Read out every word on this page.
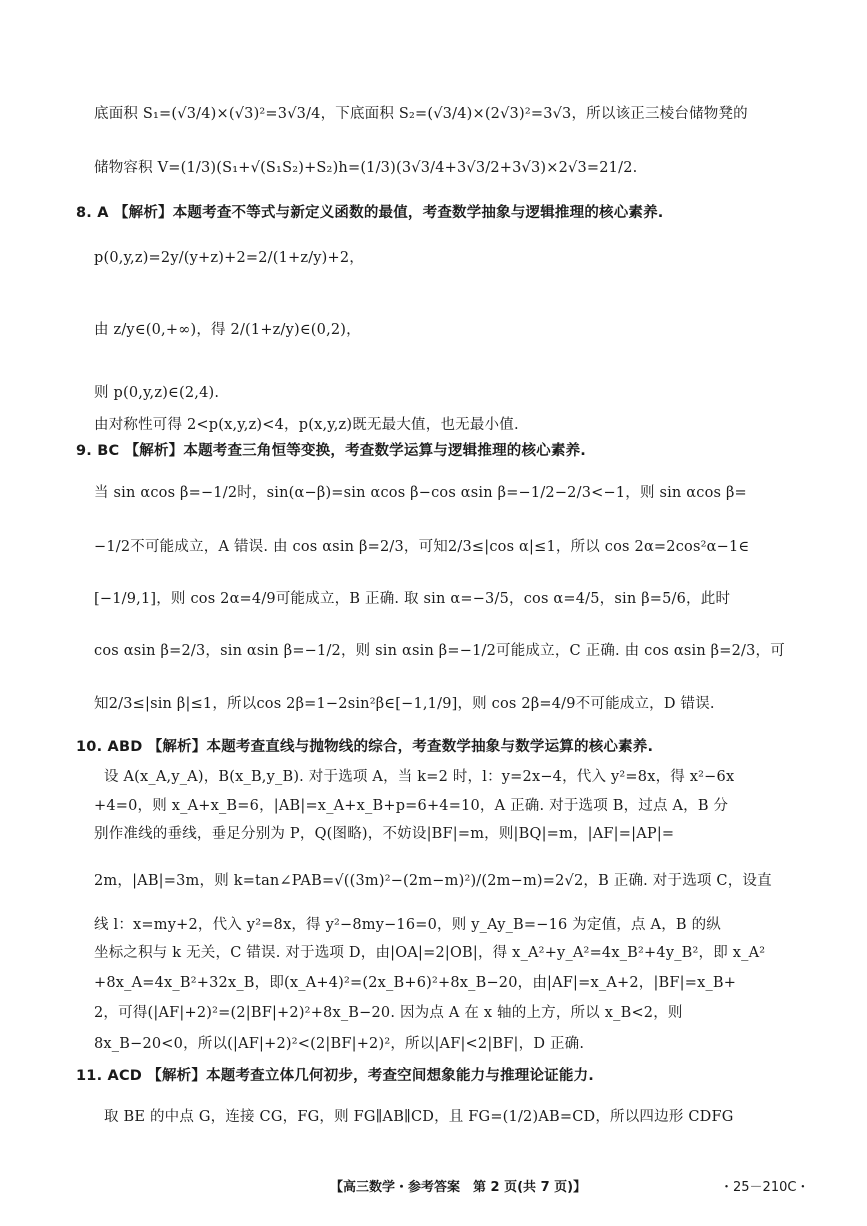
底面积 S₁=(√3/4)×(√3)²=3√3/4，下底面积 S₂=(√3/4)×(2√3)²=3√3，所以该正三棱台储物凳的
储物容积 V=(1/3)(S₁+√(S₁S₂)+S₂)h=(1/3)(3√3/4+3√3/2+3√3)×2√3=21/2.
8. A 【解析】本题考查不等式与新定义函数的最值，考查数学抽象与逻辑推理的核心素养.
p(0,y,z)=2y/(y+z)+2=2/(1+z/y)+2，
由 z/y∈(0,+∞)，得 2/(1+z/y)∈(0,2)，
则 p(0,y,z)∈(2,4).
由对称性可得 2<p(x,y,z)<4，p(x,y,z)既无最大值，也无最小值.
9. BC 【解析】本题考查三角恒等变换，考查数学运算与逻辑推理的核心素养.
当 sin αcos β=−1/2时，sin(α−β)=sin αcos β−cos αsin β=−1/2−2/3<−1，则 sin αcos β=
−1/2不可能成立，A 错误. 由 cos αsin β=2/3，可知2/3≤|cos α|≤1，所以 cos 2α=2cos²α−1∈
[−1/9,1]，则 cos 2α=4/9可能成立，B 正确. 取 sin α=−3/5，cos α=4/5，sin β=5/6，此时
cos αsin β=2/3，sin αsin β=−1/2，则 sin αsin β=−1/2可能成立，C 正确. 由 cos αsin β=2/3，可
知2/3≤|sin β|≤1，所以cos 2β=1−2sin²β∈[−1,1/9]，则 cos 2β=4/9不可能成立，D 错误.
10. ABD 【解析】本题考查直线与抛物线的综合，考查数学抽象与数学运算的核心素养.
设 A(x_A,y_A)，B(x_B,y_B). 对于选项 A，当 k=2 时，l：y=2x−4，代入 y²=8x，得 x²−6x
+4=0，则 x_A+x_B=6，|AB|=x_A+x_B+p=6+4=10，A 正确. 对于选项 B，过点 A，B 分
别作准线的垂线，垂足分别为 P，Q(图略)，不妨设|BF|=m，则|BQ|=m，|AF|=|AP|=
2m，|AB|=3m，则 k=tan∠PAB=√((3m)²−(2m−m)²)/(2m−m)=2√2，B 正确. 对于选项 C，设直
线 l：x=my+2，代入 y²=8x，得 y²−8my−16=0，则 y_Ay_B=−16 为定值，点 A，B 的纵
坐标之积与 k 无关，C 错误. 对于选项 D，由|OA|=2|OB|，得 x_A²+y_A²=4x_B²+4y_B²，即 x_A²
+8x_A=4x_B²+32x_B，即(x_A+4)²=(2x_B+6)²+8x_B−20，由|AF|=x_A+2，|BF|=x_B+
2，可得(|AF|+2)²=(2|BF|+2)²+8x_B−20. 因为点 A 在 x 轴的上方，所以 x_B<2，则
8x_B−20<0，所以(|AF|+2)²<(2|BF|+2)²，所以|AF|<2|BF|，D 正确.
11. ACD 【解析】本题考查立体几何初步，考查空间想象能力与推理论证能力.
取 BE 的中点 G，连接 CG，FG，则 FG∥AB∥CD，且 FG=(1/2)AB=CD，所以四边形 CDFG
【高三数学・参考答案　第 2 页(共 7 页)】	・25－210C・
